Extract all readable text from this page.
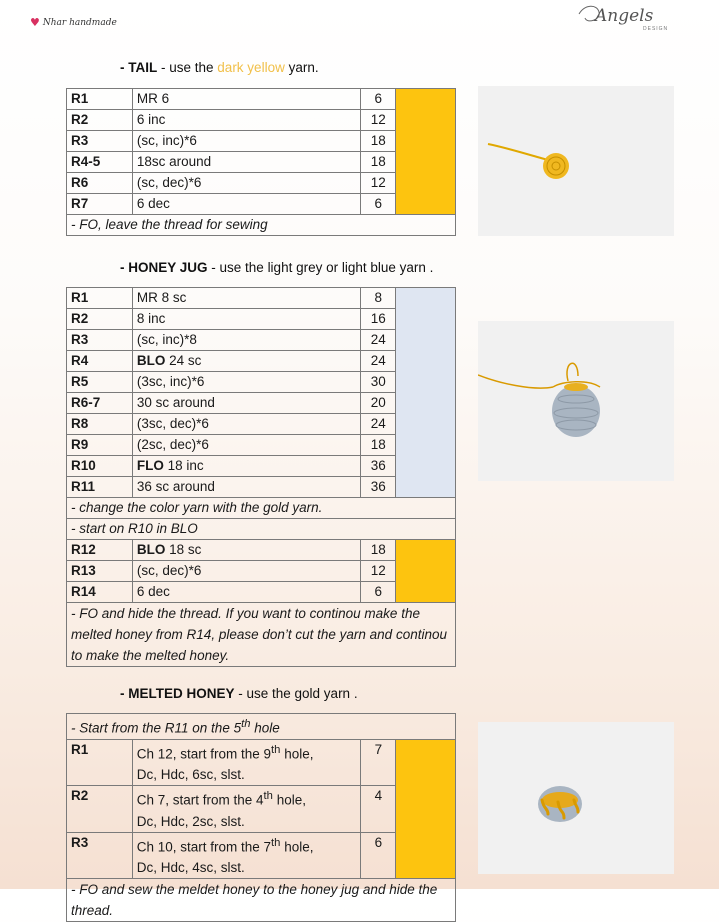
♥ Nhar handmade	Angels
DESIGN
- TAIL - use the dark yellow yarn.
R1	MR 6	6	
R2	6 inc	12	
R3	(sc, inc)*6	18	
R4-5	18sc around	18	
R6	(sc, dec)*6	12	
R7	6 dec	6	
- FO, leave the thread for sewing			
- HONEY JUG - use the light grey or light blue yarn .
R1	MR 8 sc	8	
R2	8 inc	16	
R3	(sc, inc)*8	24	
R4	BLO 24 sc	24	
R5	(3sc, inc)*6	30	
R6-7	30 sc around	20	
R8	(3sc, dec)*6	24	
R9	(2sc, dec)*6	18	
R10	FLO 18 inc	36	
R11	36 sc around	36	
- change the color yarn with the gold yarn.			
- start on R10 in BLO			
R12	BLO 18 sc	18	
R13	(sc, dec)*6	12	
R14	6 dec	6	
- FO and hide the thread. If you want to continou make the melted honey from R14, please don’t cut the yarn and continou to make the melted honey.			
- MELTED HONEY - use the gold yarn .
- Start from the R11 on the 5th hole			
R1	Ch 12, start from the 9th hole,
Dc, Hdc, 6sc, slst.	7	
R2	Ch 7, start from the 4th hole,
Dc, Hdc, 2sc, slst.	4	
R3	Ch 10, start from the 7th hole,
Dc, Hdc, 4sc, slst.	6	
- FO and sew the meldet honey to the honey jug and hide the thread.			
